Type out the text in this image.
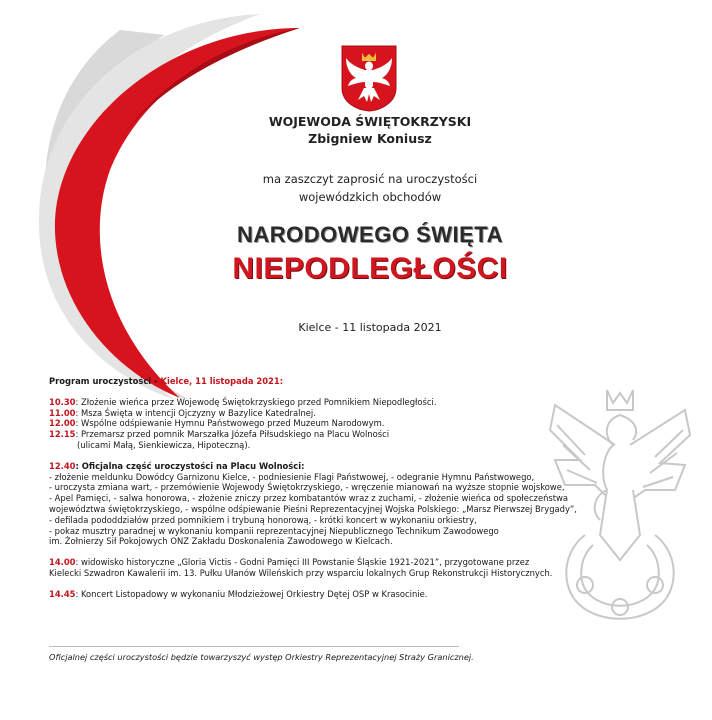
WOJEWODA ŚWIĘTOKRZYSKI
Zbigniew Koniusz
ma zaszczyt zaprosić na uroczystości
wojewódzkich obchodów
NARODOWEGO ŚWIĘTA
NIEPODLEGŁOŚCI
Kielce - 11 listopada 2021

Program uroczystości - Kielce, 11 listopada 2021:

10.30: Złożenie wieńca przez Wojewodę Świętokrzyskiego przed Pomnikiem Niepodległości.

11.00: Msza Święta w intencji Ojczyzny w Bazylice Katedralnej.

12.00: Wspólne odśpiewanie Hymnu Państwowego przed Muzeum Narodowym.

12.15: Przemarsz przed pomnik Marszałka Józefa Piłsudskiego na Placu Wolności

(ulicami Małą, Sienkiewicza, Hipoteczną).

12.40: Oficjalna część uroczystości na Placu Wolności:

- złożenie meldunku Dowódcy Garnizonu Kielce, - podniesienie Flagi Państwowej, - odegranie Hymnu Państwowego,

- uroczysta zmiana wart, - przemówienie Wojewody Świętokrzyskiego, - wręczenie mianowań na wyższe stopnie wojskowe,

- Apel Pamięci, - salwa honorowa, - złożenie zniczy przez kombatantów wraz z zuchami, - złożenie wieńca od społeczeństwa

województwa świętokrzyskiego, - wspólne odśpiewanie Pieśni Reprezentacyjnej Wojska Polskiego: „Marsz Pierwszej Brygady”,

- defilada pododdziałów przed pomnikiem i trybuną honorową, - krótki koncert w wykonaniu orkiestry,

- pokaz musztry paradnej w wykonaniu kompanii reprezentacyjnej Niepublicznego Technikum Zawodowego

im. Żołnierzy Sił Pokojowych ONZ Zakładu Doskonalenia Zawodowego w Kielcach.

14.00: widowisko historyczne „Gloria Victis - Godni Pamięci III Powstanie Śląskie 1921-2021”, przygotowane przez

Kielecki Szwadron Kawalerii im. 13. Pułku Ułanów Wileńskich przy wsparciu lokalnych Grup Rekonstrukcji Historycznych.

14.45: Koncert Listopadowy w wykonaniu Młodzieżowej Orkiestry Dętej OSP w Krasocinie.

Oficjalnej części uroczystości będzie towarzyszyć występ Orkiestry Reprezentacyjnej Straży Granicznej.
